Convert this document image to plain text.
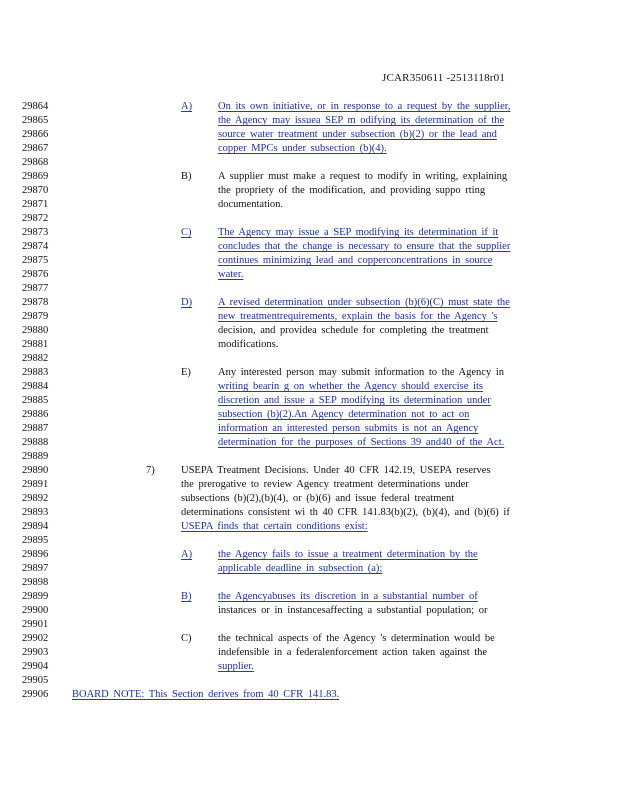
JCAR350611 -2513118r01
29864
29865
29866
29867
29868
29869
29870
29871
29872
29873
29874
29875
29876
29877
29878
29879
29880
29881
29882
29883
29884
29885
29886
29887
29888
29889
29890
29891
29892
29893
29894
29895
29896
29897
29898
29899
29900
29901
29902
29903
29904
29905
29906
A) On its own initiative, or in response to a request by the supplier,
the Agency may issuea SEP m odifying its determination of the
source water treatment under subsection (b)(2) or the lead and
copper MPCs under subsection (b)(4).
B)	A supplier must make a request to modify in writing, explaining
the propriety of the modification, and providing suppo rting
documentation.
C)	The Agency may issue a SEP modifying its determination if it
concludes that the change is necessary to ensure that the supplier
continues minimizing lead and copperconcentrations in source
water.
D) A revised determination under subsection (b)(6)(C) must state the
new treatmentrequirements, explain the basis for the Agency 's
decision, and providea schedule for completing the treatment
modifications.
E)	Any interested person may submit information to the Agency in
writing bearin g on whether the Agency should exercise its
discretion and issue a SEP modifying its determination under
subsection (b)(2).An Agency determination not to act on
information an interested person submits is not an Agency
determination for the purposes of Sections 39 and40 of the Act.
7)	USEPA Treatment Decisions. Under 40 CFR 142.19, USEPA reserves
the prerogative to review Agency treatment determinations under
subsections (b)(2),(b)(4), or (b)(6) and issue federal treatment
determinations consistent wi th 40 CFR 141.83(b)(2), (b)(4), and (b)(6) if
USEPA finds that certain conditions exist:
A) the Agency fails to issue a treatment determination by the
applicable deadline in subsection (a);
B)	the Agencyabuses its discretion in a substantial number of
instances or in instancesaffecting a substantial population; or
C)	the technical aspects of the Agency 's determination would be
indefensible in a federalenforcement action taken against the
supplier.
BOARD NOTE: This Section derives from 40 CFR 141.83.
